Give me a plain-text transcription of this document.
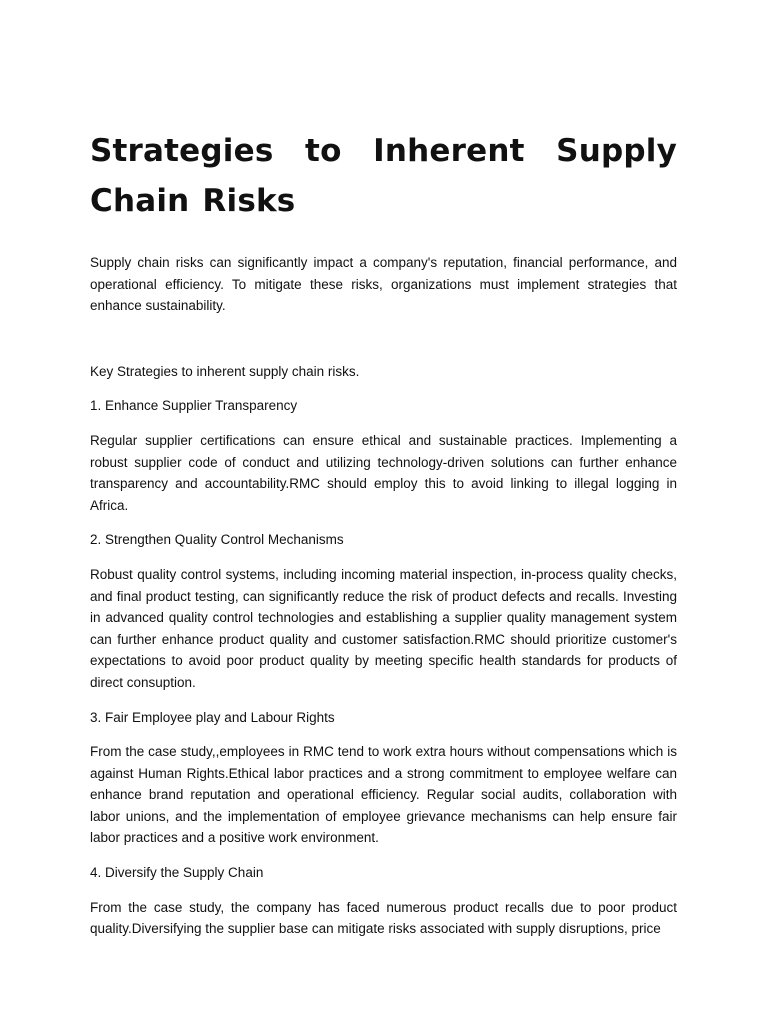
Strategies to Inherent Supply Chain Risks

Supply chain risks can significantly impact a company's reputation, financial performance, and operational efficiency. To mitigate these risks, organizations must implement strategies that enhance sustainability.

Key Strategies to inherent supply chain risks.

1. Enhance Supplier Transparency

Regular supplier certifications can ensure ethical and sustainable practices. Implementing a robust supplier code of conduct and utilizing technology-driven solutions can further enhance transparency and accountability.RMC should employ this to avoid linking to illegal logging in Africa.

2. Strengthen Quality Control Mechanisms

Robust quality control systems, including incoming material inspection, in-process quality checks, and final product testing, can significantly reduce the risk of product defects and recalls. Investing in advanced quality control technologies and establishing a supplier quality management system can further enhance product quality and customer satisfaction.RMC should prioritize customer's expectations to avoid poor product quality by meeting specific health standards for products of direct consuption.

3. Fair Employee play and Labour Rights

From the case study,,employees in RMC tend to work extra hours without compensations which is against Human Rights.Ethical labor practices and a strong commitment to employee welfare can enhance brand reputation and operational efficiency. Regular social audits, collaboration with labor unions, and the implementation of employee grievance mechanisms can help ensure fair labor practices and a positive work environment.

4. Diversify the Supply Chain

From the case study, the company has faced numerous product recalls due to poor product quality.Diversifying the supplier base can mitigate risks associated with supply disruptions, price
